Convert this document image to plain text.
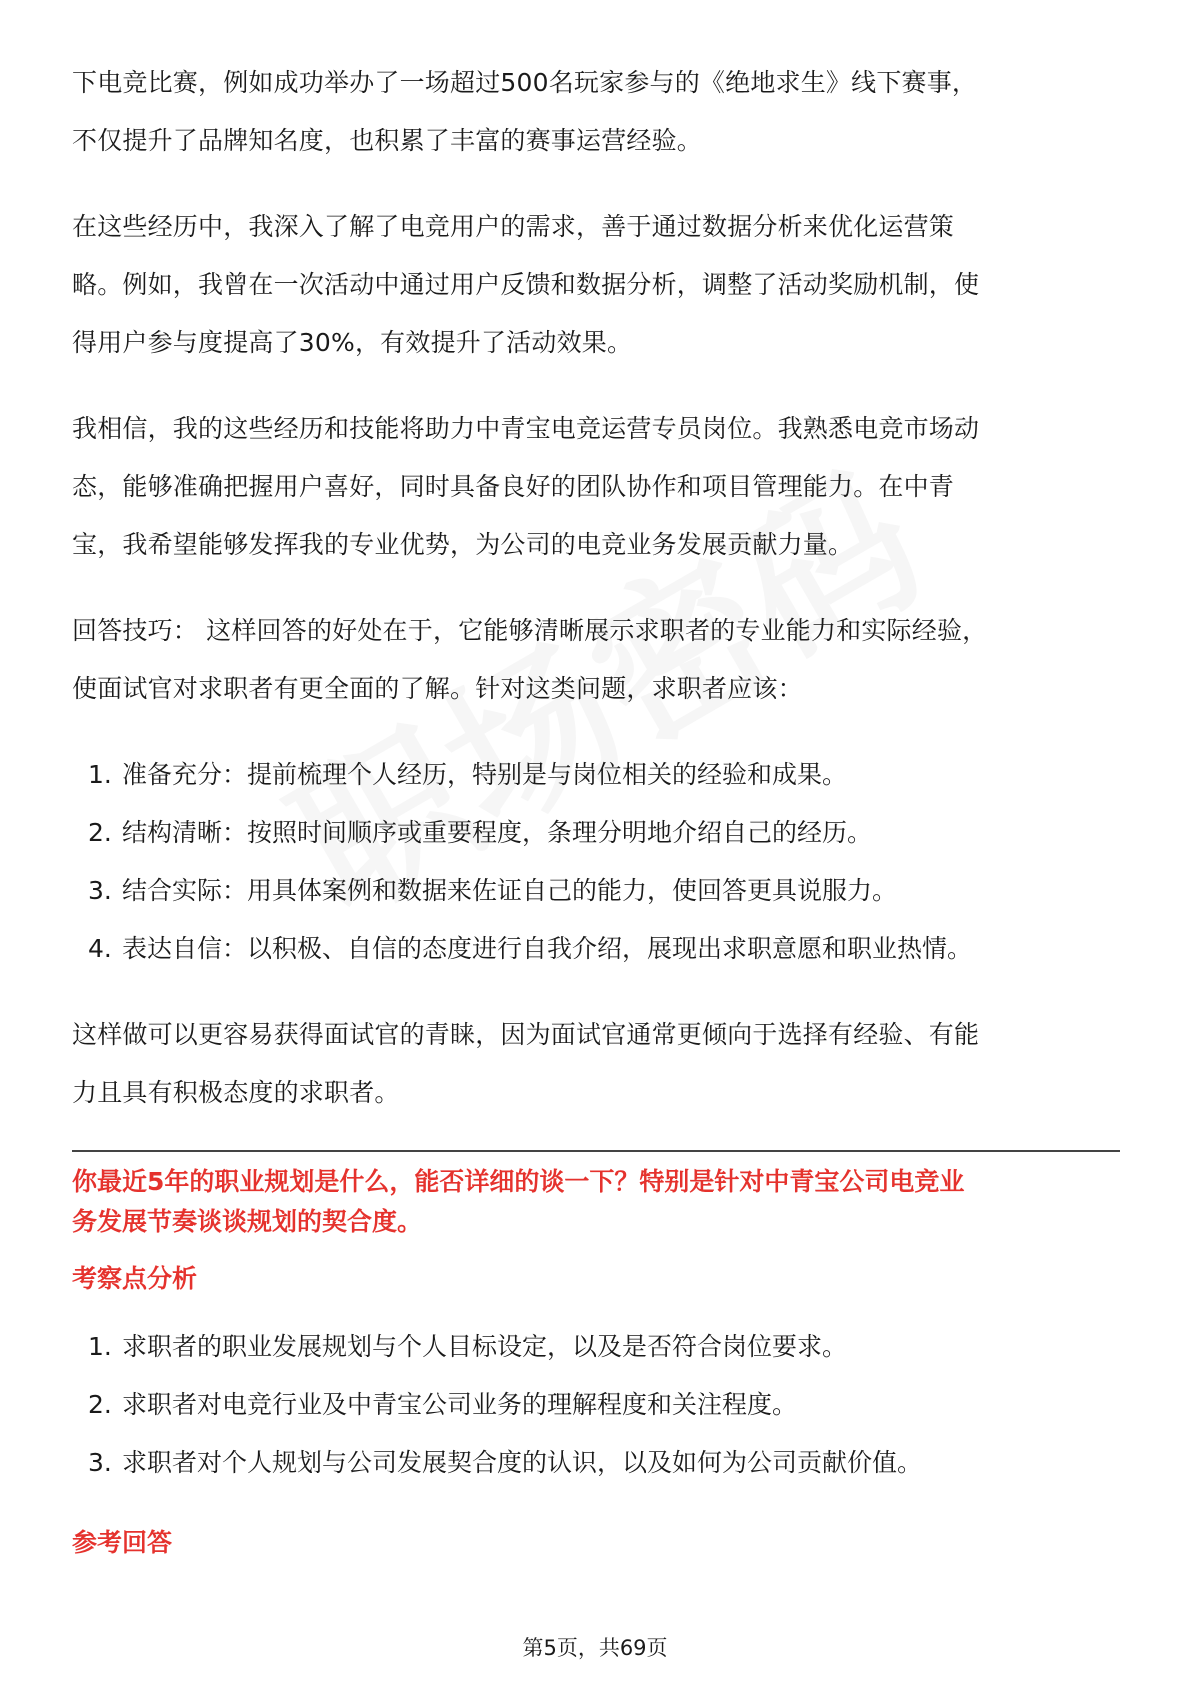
下电竞比赛，例如成功举办了一场超过500名玩家参与的《绝地求生》线下赛事，
不仅提升了品牌知名度，也积累了丰富的赛事运营经验。

在这些经历中，我深入了解了电竞用户的需求，善于通过数据分析来优化运营策
略。例如，我曾在一次活动中通过用户反馈和数据分析，调整了活动奖励机制，使
得用户参与度提高了30%，有效提升了活动效果。

我相信，我的这些经历和技能将助力中青宝电竞运营专员岗位。我熟悉电竞市场动
态，能够准确把握用户喜好，同时具备良好的团队协作和项目管理能力。在中青
宝，我希望能够发挥我的专业优势，为公司的电竞业务发展贡献力量。

回答技巧： 这样回答的好处在于，它能够清晰展示求职者的专业能力和实际经验，
使面试官对求职者有更全面的了解。针对这类问题，求职者应该：

1. 准备充分：提前梳理个人经历，特别是与岗位相关的经验和成果。
2. 结构清晰：按照时间顺序或重要程度，条理分明地介绍自己的经历。
3. 结合实际：用具体案例和数据来佐证自己的能力，使回答更具说服力。
4. 表达自信：以积极、自信的态度进行自我介绍，展现出求职意愿和职业热情。

这样做可以更容易获得面试官的青睐，因为面试官通常更倾向于选择有经验、有能
力且具有积极态度的求职者。

你最近5年的职业规划是什么，能否详细的谈一下？特别是针对中青宝公司电竞业
务发展节奏谈谈规划的契合度。
考察点分析
1. 求职者的职业发展规划与个人目标设定，以及是否符合岗位要求。
2. 求职者对电竞行业及中青宝公司业务的理解程度和关注程度。
3. 求职者对个人规划与公司发展契合度的认识，以及如何为公司贡献价值。
参考回答
第5页，共69页
